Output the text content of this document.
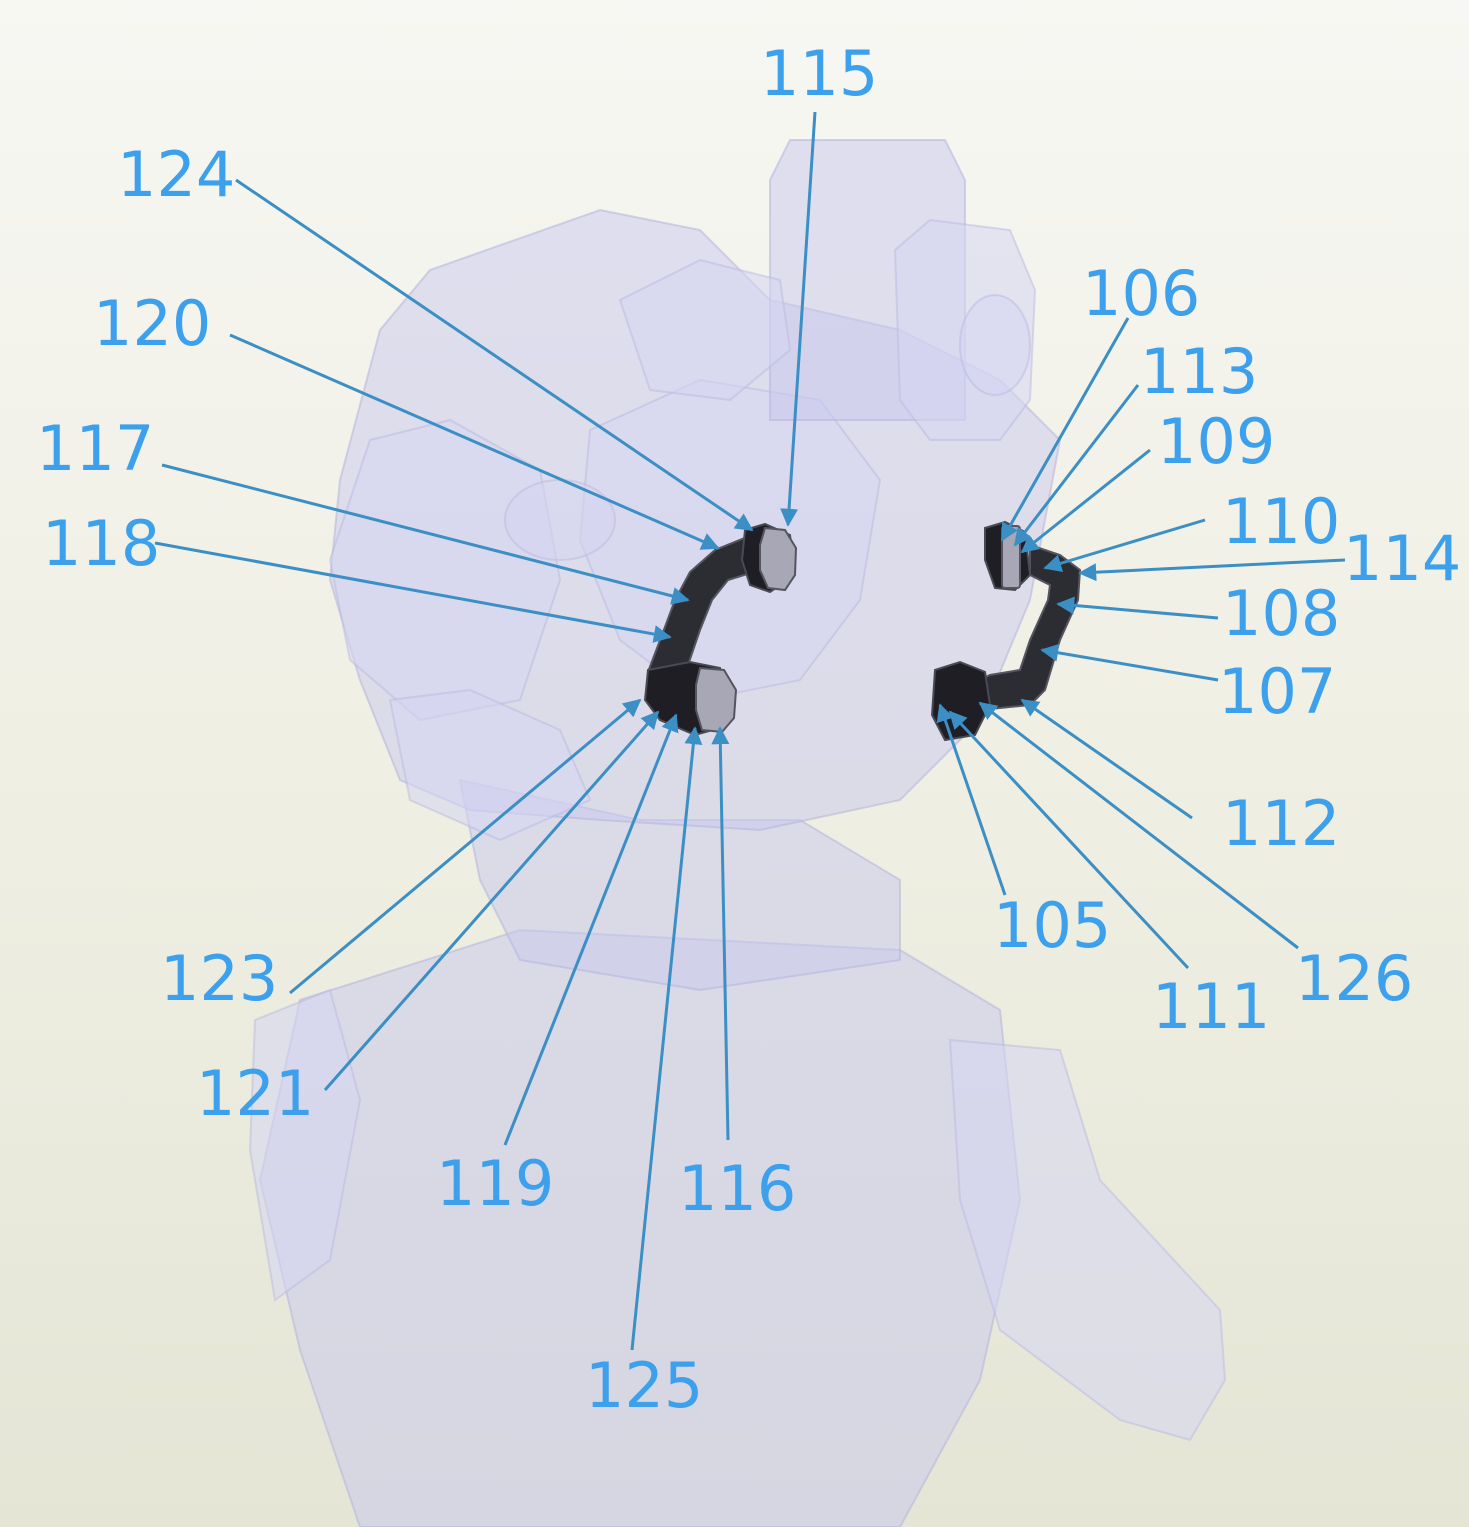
115
124
120
117
118
106
113
109
110
114
108
107
112
105
126
111
123
121
119 116
125
